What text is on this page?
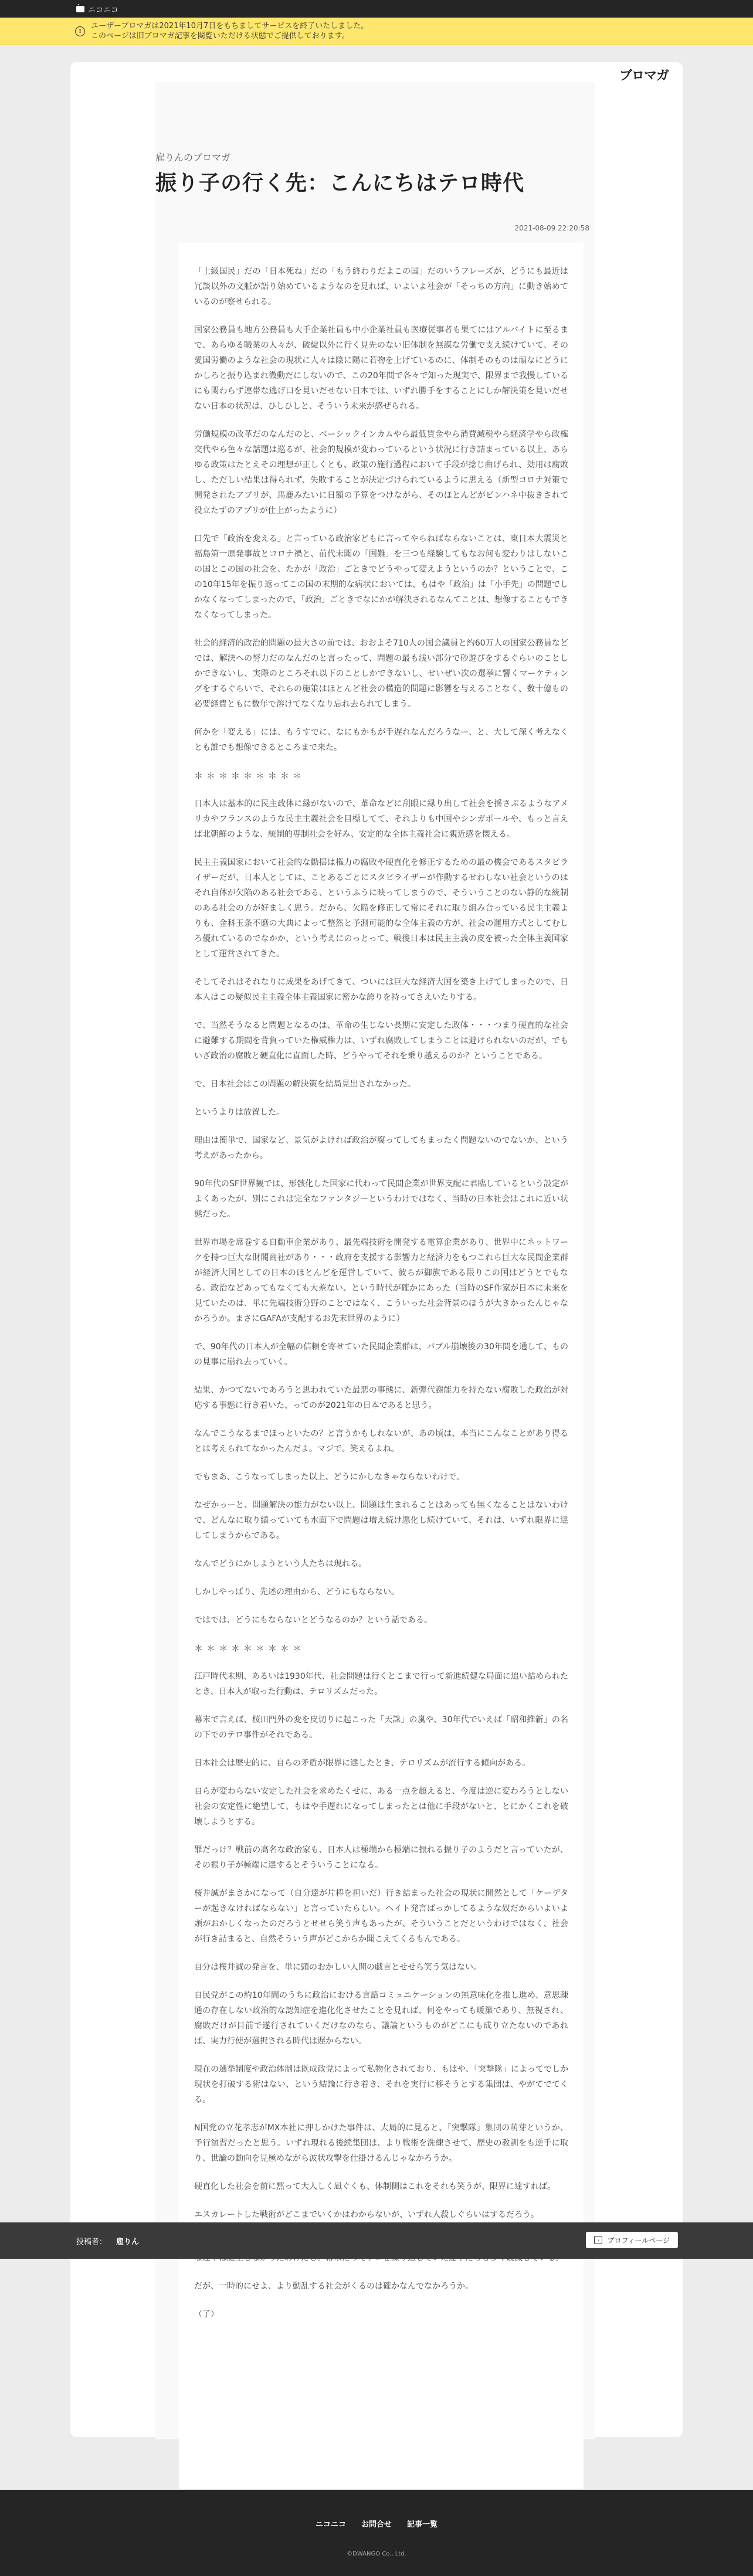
ニコニコ
!
ユーザーブロマガは2021年10月7日をもちましてサービスを終了いたしました。
このページは旧ブロマガ記事を閲覧いただける状態でご提供しております。
ブロマガ
雇りんのブロマガ
振り子の行く先：こんにちはテロ時代
2021-08-09 22:20:58

「上級国民」だの「日本死ね」だの「もう終わりだよこの国」だのいうフレーズが、どうにも最近は冗談以外の文脈が語り始めているようなのを見れば、いよいよ社会が「そっちの方向」に動き始めているのが察せられる。

国家公務員も地方公務員も大手企業社員も中小企業社員も医療従事者も果てにはアルバイトに至るまで、あらゆる職業の人々が、破綻以外に行く見先のない旧体制を無謀な労働で支え続けていて、その愛国労働のような社会の現状に人々は陰に陽に若物を上げているのに、体制そのものは頑なにどうにかしろと振り込まれ微動だにしないので、この20年間で各々で知った現実で、限界まで我慢しているにも関わらず連帯な逃げ口を見いだせない日本では、いずれ勝手をすることにしか解決策を見いだせない日本の状況は、ひしひしと、そういう未来が感ぜられる。

労働規模の改革だのなんだのと、ベーシックインカムやら最低賃金やら消費減税やら経済学やら政権交代やら色々な話題は巡るが、社会的規模が変わっているという状況に行き詰まっている以上、あらゆる政策はたとえその理想が正しくとも、政策の施行過程において手段が捻じ曲げられ、効用は腐敗し、ただしい結果は得られず、失敗することが決定づけられているように思える（新型コロナ対策で開発されたアプリが、馬鹿みたいに日額の予算をつけながら、そのほとんどがピンハネ中抜きされて役立たずのアプリが仕上がったように）

口先で「政治を変える」と言っている政治家どもに言ってやらねばならないことは、東日本大震災と福島第一原発事故とコロナ禍と、前代未聞の「国難」を三つも経験してもなお何も変わりはしないこの国とこの国の社会を、たかが「政治」ごときでどうやって変えようというのか？ということで、この10年15年を振り返ってこの国の末期的な病状においては、もはや「政治」は「小手先」の問題でしかなくなってしまったので、「政治」ごときでなにかが解決されるなんてことは、想像することもできなくなってしまった。

社会的経済的政治的問題の最大さの前では、おおよそ710人の国会議員と約60万人の国家公務員などでは、解決への努力だのなんだのと言ったって、問題の最も浅い部分で砂遊びをするぐらいのことしかできないし、実際のところそれ以下のことしかできないし、せいぜい次の選挙に響くマーケティングをするぐらいで、それらの施策はほとんど社会の構造的問題に影響を与えることなく、数十億もの必要経費ともに数年で溶けてなくなり忘れ去られてしまう。

何かを「変える」には、もうすでに、なにもかもが手遅れなんだろうなー、と、大して深く考えなくとも誰でも想像できるところまで来た。

＊＊＊＊＊＊＊＊＊

日本人は基本的に民主政体に縁がないので、革命などに刮眼に縁り出して社会を揺さぶるようなアメリカやフランスのような民主主義社会を目標してて、それよりも中国やシンガポールや、もっと言えば北朝鮮のような、統制的専制社会を好み、安定的な全体主義社会に親近感を懐える。

民主主義国家において社会的な動揺は権力の腐敗や硬直化を修正するための最の機会であるスタビライザーだが、日本人としては、ことあるごとにスタビライザーが作動するせわしない社会というのはそれ自体が欠陥のある社会である、というふうに映ってしまうので、そういうことのない静的な統制のある社会の方が好ましく思う。だから、欠陥を修正して常にそれに取り組み合っている民主主義よりも、金科玉条不磨の大典によって整然と予測可能的な全体主義の方が、社会の運用方式としてむしろ優れているのでなかか、という考えにのっとって、戦後日本は民主主義の皮を被った全体主義国家として運営されてきた。

そしてそれはそれなりに成果をあげてきて、ついには巨大な経済大国を築き上げてしまったので、日本人はこの疑似民主主義全体主義国家に密かな誇りを持ってさえいたりする。

で、当然そうなると問題となるのは、革命の生じない長期に安定した政体・・・つまり硬直的な社会に避難する期間を背負っていた権威権力は、いずれ腐敗してしまうことは避けられないのだが、でもいざ政治の腐敗と硬直化に直面した時、どうやってそれを乗り越えるのか？ということである。

で、日本社会はこの問題の解決策を結局見出されなかった。

というよりは放置した。

理由は簡単で、国家など、景気がよければ政治が腐ってしてもまったく問題ないのでないか、という考えがあったから。

90年代のSF世界観では、形骸化した国家に代わって民間企業が世界支配に君臨しているという設定がよくあったが、別にこれは完全なファンタジーというわけではなく、当時の日本社会はこれに近い状態だった。

世界市場を席巻する自動車企業があり、最先端技術を開発する電算企業があり、世界中にネットワークを持つ巨大な財閥商社があり・・・政府を支援する影響力と経済力をもつこれら巨大な民間企業群が経済大国としての日本のほとんどを運営していて、彼らが御旗である限りこの国はどうとでもなる。政治などあってもなくても大差ない、という時代が確かにあった（当時のSF作家が日本に未来を見ていたのは、単に先端技術分野のことではなく、こういった社会背景のほうが大きかったんじゃなかろうか。まさにGAFAが支配するお先末世界のように）

で、90年代の日本人が全幅の信頼を寄せていた民間企業群は、バブル崩壊後の30年間を通して、ものの見事に崩れ去っていく。

結果、かつてないであろうと思われていた最悪の事態に、新弾代謝能力を持たない腐敗した政治が対応する事態に行き着いた、ってのが2021年の日本であると思う。

なんでこうなるまでほっといたの？と言うかもしれないが、あの頃は、本当にこんなことがあり得るとは考えられてなかったんだよ。マジで。笑えるよね。

でもまあ、こうなってしまった以上、どうにかしなきゃならないわけで。

なぜかっーと、問題解決の能力がない以上、問題は生まれることはあっても無くなることはないわけで、どんなに取り繕っていても水面下で問題は増え続け悪化し続けていて、それは、いずれ限界に達してしまうからである。

なんでどうにかしようという人たちは現れる。

しかしやっぱり、先述の理由から、どうにもならない。

ではでは、どうにもならないとどうなるのか？という話である。

＊＊＊＊＊＊＊＊＊

江戸時代末期、あるいは1930年代、社会問題は行くとこまで行って新進続健な局面に追い詰められたとき、日本人が取った行動は、テロリズムだった。

幕末で言えば、桜田門外の変を皮切りに起こった「天誅」の嵐や、30年代でいえば「昭和維新」の名の下でのテロ事件がそれである。

日本社会は歴史的に、自らの矛盾が限界に達したとき、テロリズムが流行する傾向がある。

自らが変わらない安定した社会を求めたくせに、ある一点を超えると、今度は逆に変わろうとしない社会の安定性に絶望して、もはや手遅れになってしまったとは他に手段がないと、とにかくこれを破壊しようとする。

罪だっけ？戦前の高名な政治家も、日本人は極端から極端に振れる振り子のようだと言っていたが、その振り子が極端に達するとそういうことになる。

桜井誠がまさかになって（自分達が片棒を担いだ）行き詰まった社会の現状に間然として「ケーデターが起きなければならない」と言っていたらしい。ヘイト発言ばっかしてるような奴だからいよいよ頭がおかしくなったのだろうとせせら笑う声もあったが、そういうことだというわけではなく、社会が行き詰まると、自然そういう声がどこからか聞こえてくるもんである。

自分は桜井誠の発言を、単に頭のおかしい人間の戯言とせせら笑う気はない。

自民党がこの約10年間のうちに政治における言語コミュニケーションの無意味化を推し進め、意思疎通の存在しない政治的な認知症を進化化させたことを見れば、何をやっても暖簾であり、無視され、腐敗だけが目前で遂行されていくだけなのなら、議論というものがどこにも成り立たないのであれば、実力行使が選択される時代は遅からない。

現在の選挙制度や政治体制は既成政党によって私物化されており、もはや、「突撃隊」によってでしか現状を打破する術はない、という結論に行き着き、それを実行に移そうとする集団は、やがてでてくる。

N国党の立花孝志がMX本社に押しかけた事件は、大局的に見ると、「突撃隊」集団の萌芽というか、予行演習だったと思う。いずれ現れる後続集団は、より戦術を洗練させて、歴史の教訓をも逆手に取り、世論の動向を見極めながら波状攻撃を仕掛けるんじゃなかろうか。

硬直化した社会を前に黙って大人しく凪ぐくも、体制側はこれをそれも笑うが、限界に達すれば。

エスカレートした戦術がどこまでいくかはわからないが、いずれ人殺しぐらいはするだろう。

だが、一時的にせよ、より動乱する社会がくるのは確かなんでなかろうか。

（了）

投稿者： 雇りん	›	プロフィールページ
ニコニコ お問合せ 記事一覧
©DWANGO Co., Ltd.
